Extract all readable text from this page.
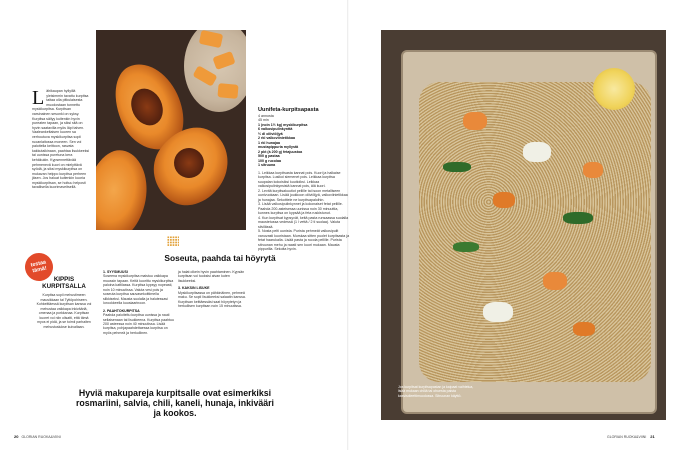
Lähikaupan hyllyillä yleisimmin tavattu kurpitsa taitaa olla pitkulaisesta muodostaan tunnettu myskikurpitsa. Kurpitsan varsinainen sesonki on syksy. Kurpitsa säilyy kuitenkin hyvin pureaten tapaan, ja siksi sitä on hyvin saatavilla myös läpi talven. Vaaleankeltaisen kuoren sa verhoutuva myskikurpitsa sopii ruoanlaitossa moneen. Sen voi paloitella keittoon, rasvata kakkutaikinaan, paahtaa lisukkeeksi tai uunissa puretuna kera kehäkukin. Kypsennettävää pehmenevä kuori on mielyttävä syödä, ja siksi myskikurpitsa on mukavan helppo kurpitsa perheen jäsen. Jos haluat kuitenkin kuoria myskikurpitsan, se hoituu helposti tavallisella kuorimaveitsellä.
testaa tämä!
KIPPIS KURPITSALLA
Kurpitsa sopii mehustimeen mausikkaan tai Tyttöpohiseen. Kohkeittäessä kurpitsan kanssa voi mehustaa vaikkapa inkivääriä, omenaa ja porkkanaa. Kurpitsan kuoret voi niin olisatti, että tämä myos ei pidä, ja se toimii parhaiten mehustuslukse kuivaltaan.
Soseuta, paahda tai höyrytä
1. SYYSMUUSI
Soseena myskikurpitsa maistuu vaikkapa muussin tapaan. Keitä kuorittu myskikurpitsa paloina kattilassa. Kurpitsa kypsyy nopeasti, noin 10 minuutissa. Valuta vesi pois ja soseuta kurpitsa sauvasekoittimella silkkiseksi. Mausta suolalla ja halutessasi Iorookkeella kuusiaarinoon.
2. PAAHTOKURPITSA
Paahda paloiteltu kurpitsa uunissa ja nauti sellaisenaan tai lisukkeena. Kurpitsa paahtuu 200 asteessa noin 40 minuutissa. Lisää kurpitsa, pohjapaahdettaessa kurpitsa on myös pehmeä ja herkullinen.
ja halat olkein hyvin paahtaminen. Kypsän kurpitsan voi tuoksisi aivan kuten lisukkeeksi.
3. KAKSIN LISUKE
Myskikurpitsassa on pähkinäinen, pehmeä maku. Se sopii lisukkeeksi salaatin kanssa. Kurpitsan keittäessäsi saat höyrytetyn ja herkullisen kurpitsan noin 15 minuutissa.
Hyviä makupareja kurpitsalle ovat esimerkiksi rosmariini, salvia, chili, kaneli, hunaja, inkivääri ja kookos.
20 GLORIAN RUOKA&VIINI	GLORIAN RUOKA&VIINI 21
Uunifeta-kurpitsapasta
4 annosta
45 min
1 (noin 1½ kg) myskikurpitsa
6 valkosipulinkynttä
½ dl oliiviöljyä
2 rkl valkoviinietikkaa
1 rkl hunajaa
mustapippuria myllystä
2 pkt (à 200 g) fetajuustoa
500 g pastaa
100 g rucolaa
1 sitruuna
1. Leikkaa kurpitsasta kannat pois. Kuori ja halkaise kurpitsa. Lusikoi siemenet pois. Leikkaa kurpitsa suupalan kokoisiksi kuutioiksi. Leikkaa valkosipulinkynsistä kannat pois, älä kuori.
2. Levitä kurpitsakuutiot pellille tai isoon metalliseen uunivuokaan. Lisää joukkoon oliiviöljyä, valkoviinietikkaa ja hunajaa. Sekoittele ne kurpitsapaloihin.
3. Lisää valkosipulinkynnet ja kokonaiset fetat pellille. Paahda 200-asteisessa uunissa noin 30 minuuttia, kunnes kurpitsa on kypsää ja feta ruskistunut.
4. Kun kurpitsat kypsyvät, keitä pasta runsaassa suolalla maustetussa vedessä (1 l vettä / 2 tl suolaa). Valuta siivilässä.
5. Nosta pelti uunista. Purista pehmeät valkosipulit vanuvasti kuoristaan. Murskaa sitten puolet kurpitsasta ja fetat haarukalla. Lisää pasta ja rucola pellille. Purista sitruunan mehu ja raasti sen kuori mukaan. Mausta pippurilla. Sekoita hyvin.
Jos kurpitsat kurpitsapastan ja kaipaat vaihtelua, lisää mukaan chiliä tai ohuesta paista kasvisdieettimuodossa. Sitruunan käyttö.
